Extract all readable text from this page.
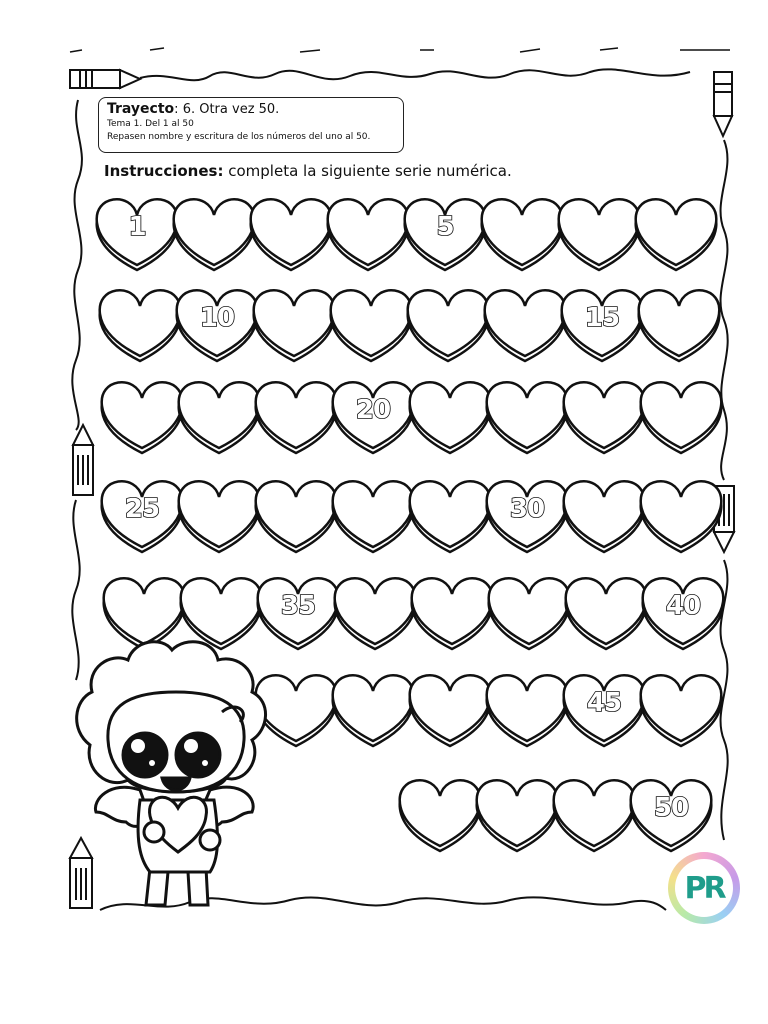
1	5
10	15
20
25	30
35	40
45
50
Trayecto: 6. Otra vez 50.
Tema 1. Del 1 al 50
Repasen nombre y escritura de los números del uno al 50.
Instrucciones: completa la siguiente serie numérica.
PR
